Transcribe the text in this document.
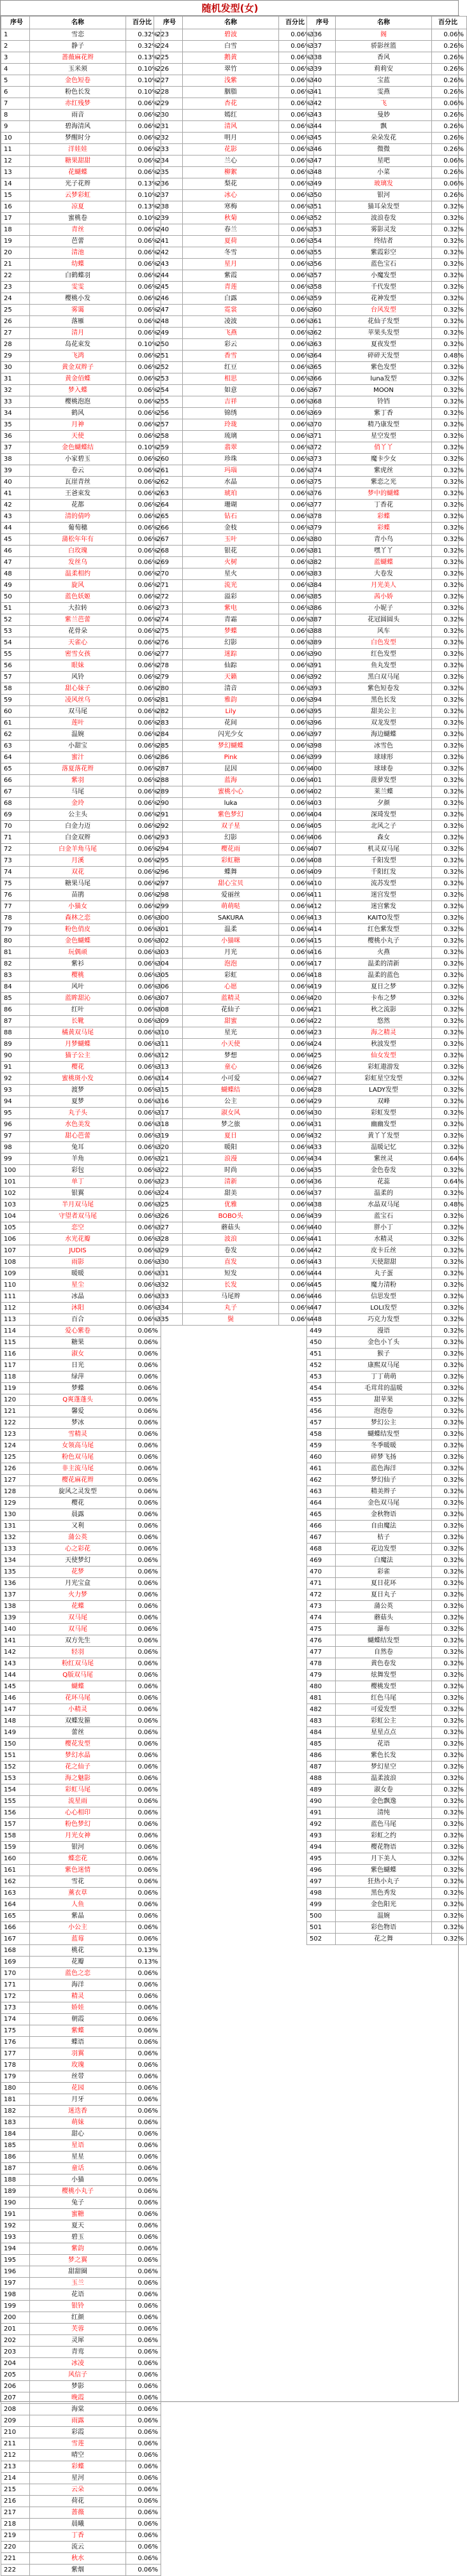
随机发型(女)
序号	名称	百分比
1	雪恋	0.32%
2	静子	0.32%
3	蔷薇麻花辫	0.13%
4	玉米须	0.10%
5	金色短卷	0.10%
6	粉色长发	0.10%
7	赤红残梦	0.06%
8	雨音	0.06%
9	碧海清风	0.06%
10	梦醒时分	0.06%
11	洋娃娃	0.06%
12	糖果甜甜	0.06%
13	花蝴蝶	0.06%
14	光子花辫	0.13%
15	云梦彩虹	0.10%
16	凉夏	0.13%
17	蜜桃卷	0.10%
18	青丝	0.06%
19	芭蕾	0.06%
20	清池	0.06%
21	幼蝶	0.06%
22	白鹤蝶羽	0.06%
23	雯雯	0.06%
24	樱桃小发	0.06%
25	雾霭	0.06%
26	落雁	0.06%
27	清月	0.06%
28	岛花束发	0.10%
29	飞鸿	0.06%
30	黄金双辫子	0.06%
31	黄金佰蝶	0.06%
32	梦入蝶	0.06%
33	樱桃泡泡	0.06%
34	鹤风	0.06%
35	月神	0.06%
36	天使	0.06%
37	金色蝴蝶结	0.10%
38	小家碧玉	0.06%
39	卷云	0.06%
40	瓦崖青丝	0.06%
41	王爸束发	0.06%
42	花都	0.06%
43	清的倩吟	0.06%
44	葡萄穗	0.06%
45	蒲松年年有	0.06%
46	白玫瑰	0.06%
47	发丝乌	0.06%
48	温柔相约	0.06%
49	旋风	0.06%
50	蓝色妖姬	0.06%
51	大拉转	0.06%
52	紫兰芭蕾	0.06%
53	花骨朵	0.06%
54	天雀心	0.06%
55	密雪女孩	0.06%
56	眼妹	0.06%
57	风铃	0.06%
58	甜心妹子	0.06%
59	凌风丝乌	0.06%
60	双马尾	0.06%
61	莲叶	0.06%
62	温婉	0.06%
63	小甜宝	0.06%
64	蜜汁	0.06%
65	落夏落花辫	0.06%
66	紫羽	0.06%
67	马尾	0.06%
68	金玲	0.06%
69	公主头	0.06%
70	白金力迈	0.06%
71	白金双辫	0.06%
72	白金羊角马尾	0.06%
73	月溪	0.06%
74	双花	0.06%
75	糖果马尾	0.06%
76	苗鹃	0.06%
77	小猫女	0.06%
78	森林之恋	0.06%
79	粉色俏皮	0.06%
80	金色蝴蝶	0.06%
81	玩偶顽	0.06%
82	紫衫	0.06%
83	樱桃	0.06%
84	风叶	0.06%
85	蓝眸甜沁	0.06%
86	红叶	0.06%
87	长靴	0.06%
88	橘黄双马尾	0.06%
89	月梦蝴蝶	0.06%
90	猫子公主	0.06%
91	樱花	0.06%
92	蜜桃斑小发	0.06%
93	渡梦	0.06%
94	夏梦	0.06%
95	丸子头	0.06%
96	水色美发	0.06%
97	甜心芭蕾	0.06%
98	兔耳	0.06%
99	羊角	0.06%
100	彩包	0.06%
101	单丁	0.06%
102	银翼	0.06%
103	半月双马尾	0.06%
104	守望者双马尾	0.06%
105	恋空	0.06%
106	水光花瓣	0.06%
107	JUDIS	0.06%
108	雨影	0.06%
109	暖暖	0.06%
110	星尘	0.06%
111	冰晶	0.06%
112	沐阳	0.06%
113	百合	0.06%
114	爱心紫卷	0.06%
115	糖果	0.06%
116	淑女	0.06%
117	日光	0.06%
118	绿萍	0.06%
119	梦蝶	0.06%
120	Q爽蓬蓬头	0.06%
121	馨爱	0.06%
122	梦冰	0.06%
123	雪精灵	0.06%
124	女领高马尾	0.06%
125	粉色双马尾	0.06%
126	非主流马尾	0.06%
127	樱花麻花辫	0.06%
128	旋风之灵发型	0.06%
129	樱花	0.06%
130	晨露	0.06%
131	又利	0.06%
132	蒲公英	0.06%
133	心之彩花	0.06%
134	天使梦幻	0.06%
135	花梦	0.06%
136	月光宝盒	0.06%
137	火力梦	0.06%
138	花蝶	0.06%
139	双马尾	0.06%
140	双马尾	0.06%
141	双方先生	0.06%
142	轻羽	0.06%
143	粉红双马尾	0.06%
144	Q版双马尾	0.06%
145	蝴蝶	0.06%
146	花环马尾	0.06%
147	小精灵	0.06%
148	双蝶发箍	0.06%
149	蕾丝	0.06%
150	樱花发型	0.06%
151	梦幻水晶	0.06%
152	花之仙子	0.06%
153	海之魅影	0.06%
154	彩虹马尾	0.06%
155	流星雨	0.06%
156	心心相印	0.06%
157	粉色梦幻	0.06%
158	月光女神	0.06%
159	银河	0.06%
160	蝶恋花	0.06%
161	紫色迷情	0.06%
162	雪花	0.06%
163	薰衣草	0.06%
164	人鱼	0.06%
165	紫晶	0.06%
166	小公主	0.06%
167	蓝莓	0.06%
168	桃花	0.13%
169	花瓣	0.13%
170	蓝色之恋	0.06%
171	海洋	0.06%
172	精灵	0.06%
173	娇娃	0.06%
174	朝霞	0.06%
175	紫蝶	0.06%
176	蝶语	0.06%
177	羽翼	0.06%
178	玫瑰	0.06%
179	丝带	0.06%
180	花园	0.06%
181	月牙	0.06%
182	迷迭香	0.06%
183	萌妹	0.06%
184	甜心	0.06%
185	星语	0.06%
186	星星	0.06%
187	童话	0.06%
188	小猫	0.06%
189	樱桃小丸子	0.06%
190	兔子	0.06%
191	蜜糖	0.06%
192	夏天	0.06%
193	碧玉	0.06%
194	紫韵	0.06%
195	梦之翼	0.06%
196	甜甜圈	0.06%
197	玉兰	0.06%
198	花语	0.06%
199	银铃	0.06%
200	红颜	0.06%
201	芙蓉	0.06%
202	灵犀	0.06%
203	青鸾	0.06%
204	冰凌	0.06%
205	风信子	0.06%
206	梦影	0.06%
207	晚霞	0.06%
208	海棠	0.06%
209	雨露	0.06%
210	彩霞	0.06%
211	雪莲	0.06%
212	晴空	0.06%
213	彩蝶	0.06%
214	星河	0.06%
215	云朵	0.06%
216	荷花	0.06%
217	蔷薇	0.06%
218	晨曦	0.06%
219	丁香	0.06%
220	流云	0.06%
221	秋水	0.06%
222	紫烟	0.06%
序号	名称	百分比
223	碧波	0.06%
224	白雪	0.06%
225	鹅黄	0.06%
226	翠竹	0.06%
227	浅紫	0.06%
228	胭脂	0.06%
229	杏花	0.06%
230	嫣红	0.06%
231	清风	0.06%
232	明月	0.06%
233	花影	0.06%
234	兰心	0.06%
235	柳絮	0.06%
236	梨花	0.06%
237	冰心	0.06%
238	寒梅	0.06%
239	秋菊	0.06%
240	春兰	0.06%
241	夏荷	0.06%
242	冬雪	0.06%
243	星月	0.06%
244	紫霞	0.06%
245	青莲	0.06%
246	白露	0.06%
247	霓裳	0.06%
248	凌波	0.06%
249	飞燕	0.06%
250	彩云	0.06%
251	香雪	0.06%
252	红豆	0.06%
253	相思	0.06%
254	如意	0.06%
255	吉祥	0.06%
256	锦绣	0.06%
257	玲珑	0.06%
258	琉璃	0.06%
259	翡翠	0.06%
260	珍珠	0.06%
261	玛瑙	0.06%
262	水晶	0.06%
263	琥珀	0.06%
264	珊瑚	0.06%
265	钻石	0.06%
266	金枝	0.06%
267	玉叶	0.06%
268	银花	0.06%
269	火树	0.06%
270	星火	0.06%
271	流光	0.06%
272	溢彩	0.06%
273	紫电	0.06%
274	青霜	0.06%
275	梦蝶	0.06%
276	幻影	0.06%
277	迷踪	0.06%
278	仙踪	0.06%
279	天籁	0.06%
280	清音	0.06%
281	雅韵	0.06%
282	Lily	0.06%
283	花间	0.06%
284	闪光少女	0.06%
285	梦幻蝴蝶	0.06%
286	Pink	0.06%
287	昆因	0.06%
288	蓝海	0.06%
289	蜜桃小心	0.06%
290	luka	0.06%
291	紫色梦幻	0.06%
292	双子星	0.06%
293	幻影	0.06%
294	樱花雨	0.06%
295	彩虹糖	0.06%
296	蝶舞	0.06%
297	甜心宝贝	0.06%
298	爱丽丝	0.06%
299	萌萌哒	0.06%
300	SAKURA	0.06%
301	温柔	0.06%
302	小猫咪	0.06%
303	月光	0.06%
304	泡泡	0.06%
305	彩虹	0.06%
306	心愿	0.06%
307	蓝精灵	0.06%
308	花仙子	0.06%
309	甜蜜	0.06%
310	星光	0.06%
311	小天使	0.06%
312	梦想	0.06%
313	童心	0.06%
314	小可爱	0.06%
315	蝴蝶结	0.06%
316	公主	0.06%
317	淑女风	0.06%
318	梦之旅	0.06%
319	夏日	0.06%
320	暖阳	0.06%
321	浪漫	0.06%
322	时尚	0.06%
323	清新	0.06%
324	甜美	0.06%
325	优雅	0.06%
326	BOBO头	0.06%
327	蘑菇头	0.06%
328	波浪	0.06%
329	卷发	0.06%
330	直发	0.06%
331	短发	0.06%
332	长发	0.06%
333	马尾辫	0.06%
334	丸子	0.06%
335	鬓	0.06%
序号	名称	百分比
336	阁	0.06%
337	骄影丝篮	0.26%
338	香风	0.26%
339	莉莉安	0.26%
340	宝蓝	0.26%
341	雯燕	0.26%
342	飞	0.06%
343	曼妙	0.26%
344	飘	0.26%
345	朵朵发花	0.26%
346	微微	0.26%
347	星吧	0.06%
348	小菜	0.26%
349	玻璃发	0.06%
350	银河	0.26%
351	猫耳朵发型	0.32%
352	波浪卷发	0.32%
353	雾影灵发	0.32%
354	终结者	0.32%
355	紫霞彩空	0.32%
356	蓝色宝石	0.32%
357	小魔发型	0.32%
358	千代发型	0.32%
359	花神发型	0.32%
360	台风发型	0.32%
361	花仙子发型	0.32%
362	苹果头发型	0.32%
363	夏夜发型	0.32%
364	碎碎天发型	0.48%
365	紫色发型	0.32%
366	luna发型	0.32%
367	MOON	0.32%
368	铃铛	0.32%
369	紫丁香	0.32%
370	精乃康发型	0.32%
371	星空发型	0.32%
372	俏丫丫	0.32%
373	魔卡少女	0.32%
374	紫虎丝	0.32%
375	紫恋之光	0.32%
376	梦中的蝴蝶	0.32%
377	丁香花	0.32%
378	彩蝶	0.32%
379	彩蝶	0.32%
380	青小鸟	0.32%
381	嘿丫丫	0.32%
382	蓝蝴蝶	0.32%
383	大卷发	0.32%
384	月光美人	0.32%
385	茜小娇	0.32%
386	小妮子	0.32%
387	花冠圆圆头	0.32%
388	风车	0.32%
389	白色发型	0.32%
390	红色发型	0.32%
391	鱼丸发型	0.32%
392	黑白双马尾	0.32%
393	紫色短卷发	0.32%
394	黑色长发	0.32%
395	甜美公主	0.32%
396	双龙发型	0.32%
397	海边蝴蝶	0.32%
398	冰雪色	0.32%
399	球球形	0.32%
400	球球卷	0.32%
401	菠萝发型	0.32%
402	莱兰蝶	0.32%
403	夕颜	0.32%
404	深琦发型	0.32%
405	北风之子	0.32%
406	森女	0.32%
407	机灵双马尾	0.32%
408	千阳发型	0.32%
409	千阳红发	0.32%
410	流苏发型	0.32%
411	迷宫发型	0.32%
412	迷宫紫发	0.32%
413	KAITO发型	0.32%
414	红色紫发型	0.32%
415	樱桃小丸子	0.32%
416	火燕	0.32%
417	温柔的清新	0.32%
418	温柔的蓝色	0.32%
419	夏日之梦	0.32%
420	卡布之梦	0.32%
421	秋之流影	0.32%
422	悠然	0.32%
423	海之精灵	0.32%
424	秋波发型	0.32%
425	仙女发型	0.32%
426	彩虹遨游发	0.32%
427	彩虹星空发型	0.32%
428	LADY发型	0.32%
429	双峰	0.32%
430	彩虹发型	0.32%
431	幽幽发型	0.32%
432	黄丫丫发型	0.32%
433	温暖记忆	0.32%
434	紫丝灵	0.64%
435	金色卷发	0.32%
436	花蕊	0.64%
437	温柔的	0.32%
438	水晶双马尾	0.48%
439	蓝宝石	0.32%
440	胖小丁	0.32%
441	水精灵	0.32%
442	皮卡丘丝	0.32%
443	天使甜甜	0.32%
444	丸子蛋	0.32%
445	魔力清粉	0.32%
446	信思发型	0.32%
447	LOLI发型	0.32%
448	巧克力发型	0.32%
449	漫语	0.32%
450	金色小丫头	0.32%
451	猴子	0.32%
452	康熙双马尾	0.32%
453	丁丁萌萌	0.32%
454	毛茸茸的温暖	0.32%
455	甜苹果	0.32%
456	泡泡卷	0.32%
457	梦幻公主	0.32%
458	蝴蝶结发型	0.32%
459	冬季暖暖	0.32%
460	碎梦飞扬	0.32%
461	蓝色海洋	0.32%
462	梦幻仙子	0.32%
463	精美辫子	0.32%
464	金色双马尾	0.32%
465	金秋物语	0.32%
466	自由魔法	0.32%
467	桔子	0.32%
468	花边发型	0.32%
469	白魔法	0.32%
470	彩雀	0.32%
471	夏日花环	0.32%
472	夏日丸子	0.32%
473	蒲公英	0.32%
474	蘑菇头	0.32%
475	瀑布	0.32%
476	蝴蝶结发型	0.32%
477	自然卷	0.32%
478	黄色卷发	0.32%
479	炫舞发型	0.32%
480	樱桃发型	0.32%
481	红色马尾	0.32%
482	可爱发型	0.32%
483	彩虹公主	0.32%
484	星星点点	0.32%
485	花语	0.32%
486	紫色长发	0.32%
487	梦幻星空	0.32%
488	温柔波浪	0.32%
489	淑女卷	0.32%
490	金色飘逸	0.32%
491	清纯	0.32%
492	蓝色马尾	0.32%
493	彩虹之约	0.32%
494	樱花物语	0.32%
495	月下美人	0.32%
496	紫色蝴蝶	0.32%
497	狂热小丸子	0.32%
498	黑色秀发	0.32%
499	金色阳光	0.32%
500	温婉	0.32%
501	彩色物语	0.32%
502	花之舞	0.32%
